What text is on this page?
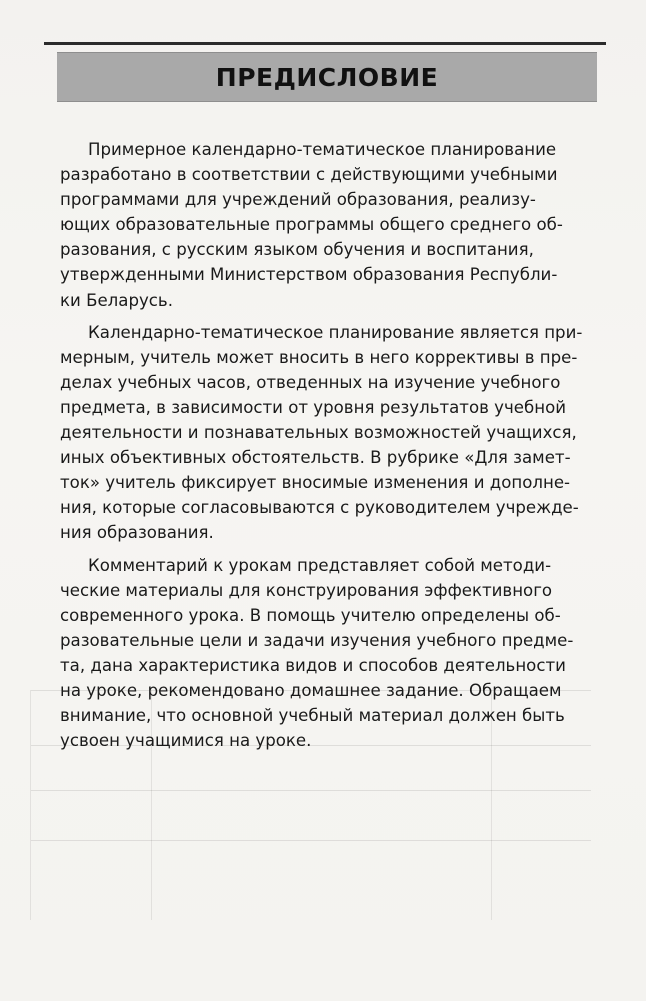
ПРЕДИСЛОВИЕ
Примерное календарно-тематическое планирование
разработано в соответствии с действующими учебными
программами для учреждений образования, реализу-
ющих образовательные программы общего среднего об-
разования, с русским языком обучения и воспитания,
утвержденными Министерством образования Республи-
ки Беларусь.
Календарно-тематическое планирование является при-
мерным, учитель может вносить в него коррективы в пре-
делах учебных часов, отведенных на изучение учебного
предмета, в зависимости от уровня результатов учебной
деятельности и познавательных возможностей учащихся,
иных объективных обстоятельств. В рубрике «Для замет-
ток» учитель фиксирует вносимые изменения и дополне-
ния, которые согласовываются с руководителем учрежде-
ния образования.
Комментарий к урокам представляет собой методи-
ческие материалы для конструирования эффективного
современного урока. В помощь учителю определены об-
разовательные цели и задачи изучения учебного предме-
та, дана характеристика видов и способов деятельности
на уроке, рекомендовано домашнее задание. Обращаем
внимание, что основной учебный материал должен быть
усвоен учащимися на уроке.
